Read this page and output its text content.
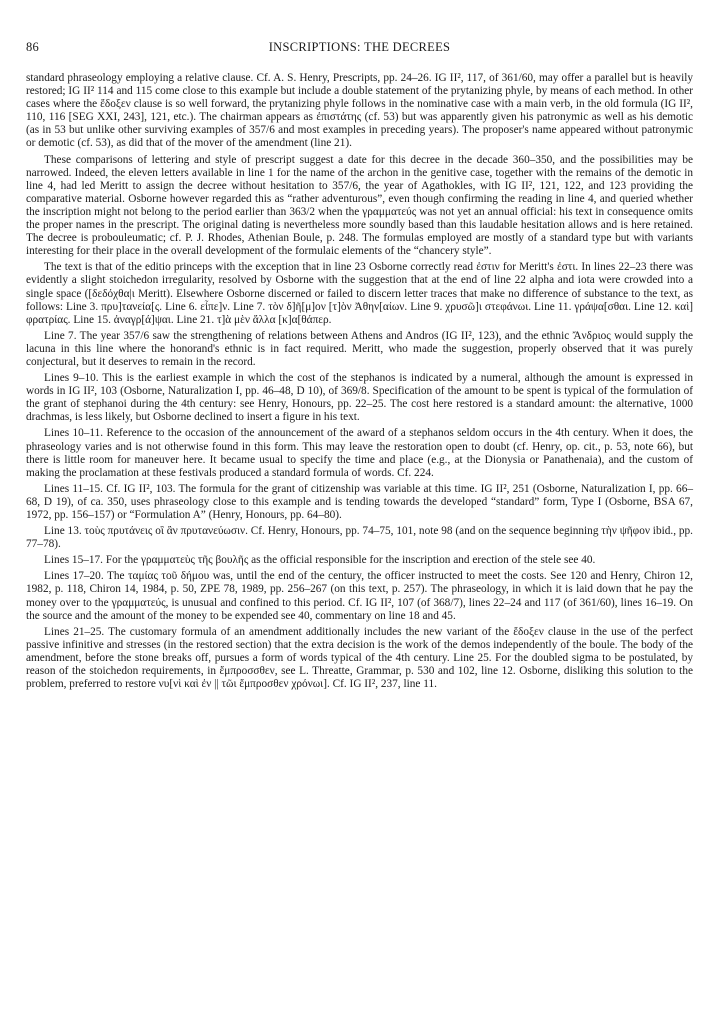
86	INSCRIPTIONS: THE DECREES

standard phraseology employing a relative clause. Cf. A. S. Henry, Prescripts, pp. 24–26. IG II², 117, of 361/60, may offer a parallel but is heavily restored; IG II² 114 and 115 come close to this example but include a double statement of the prytanizing phyle, by means of each method. In other cases where the ἔδοξεν clause is so well forward, the prytanizing phyle follows in the nominative case with a main verb, in the old formula (IG II², 110, 116 [SEG XXI, 243], 121, etc.). The chairman appears as ἐπιστάτης (cf. 53) but was apparently given his patronymic as well as his demotic (as in 53 but unlike other surviving examples of 357/6 and most examples in preceding years). The proposer's name appeared without patronymic or demotic (cf. 53), as did that of the mover of the amendment (line 21).

These comparisons of lettering and style of prescript suggest a date for this decree in the decade 360–350, and the possibilities may be narrowed. Indeed, the eleven letters available in line 1 for the name of the archon in the genitive case, together with the remains of the demotic in line 4, had led Meritt to assign the decree without hesitation to 357/6, the year of Agathokles, with IG II², 121, 122, and 123 providing the comparative material. Osborne however regarded this as “rather adventurous”, even though confirming the reading in line 4, and queried whether the inscription might not belong to the period earlier than 363/2 when the γραμματεύς was not yet an annual official: his text in consequence omits the proper names in the prescript. The original dating is nevertheless more soundly based than this laudable hesitation allows and is here retained. The decree is probouleumatic; cf. P. J. Rhodes, Athenian Boule, p. 248. The formulas employed are mostly of a standard type but with variants interesting for their place in the overall development of the formulaic elements of the “chancery style”.

The text is that of the editio princeps with the exception that in line 23 Osborne correctly read ἐστιν for Meritt's ἐστι. In lines 22–23 there was evidently a slight stoichedon irregularity, resolved by Osborne with the suggestion that at the end of line 22 alpha and iota were crowded into a single space ([δεδόχθα|ι Meritt). Elsewhere Osborne discerned or failed to discern letter traces that make no difference of substance to the text, as follows: Line 3. πρυ]τανεία[ς. Line 6. εἶπε]ν. Line 7. τὸν δ]ῆ[μ]ον [τ]ὸν Ἀθην[αίων. Line 9. χρυσῶ]ι στεφάνωι. Line 11. γράψα[σθαι. Line 12. καὶ] φρατρίας. Line 15. ἀναγρ[ά]ψαι. Line 21. τ]ὰ μὲν ἄλλα [κ]α[θάπερ.

Line 7. The year 357/6 saw the strengthening of relations between Athens and Andros (IG II², 123), and the ethnic Ἄνδριος would supply the lacuna in this line where the honorand's ethnic is in fact required. Meritt, who made the suggestion, properly observed that it was purely conjectural, but it deserves to remain in the record.

Lines 9–10. This is the earliest example in which the cost of the stephanos is indicated by a numeral, although the amount is expressed in words in IG II², 103 (Osborne, Naturalization I, pp. 46–48, D 10), of 369/8. Specification of the amount to be spent is typical of the formulation of the grant of stephanoi during the 4th century: see Henry, Honours, pp. 22–25. The cost here restored is a standard amount: the alternative, 1000 drachmas, is less likely, but Osborne declined to insert a figure in his text.

Lines 10–11. Reference to the occasion of the announcement of the award of a stephanos seldom occurs in the 4th century. When it does, the phraseology varies and is not otherwise found in this form. This may leave the restoration open to doubt (cf. Henry, op. cit., p. 53, note 66), but there is little room for maneuver here. It became usual to specify the time and place (e.g., at the Dionysia or Panathenaia), and the custom of making the proclamation at these festivals produced a standard formula of words. Cf. 224.

Lines 11–15. Cf. IG II², 103. The formula for the grant of citizenship was variable at this time. IG II², 251 (Osborne, Naturalization I, pp. 66–68, D 19), of ca. 350, uses phraseology close to this example and is tending towards the developed “standard” form, Type I (Osborne, BSA 67, 1972, pp. 156–157) or “Formulation A” (Henry, Honours, pp. 64–80).

Line 13. τοὺς πρυτάνεις οἳ ἂν πρυτανεύωσιν. Cf. Henry, Honours, pp. 74–75, 101, note 98 (and on the sequence beginning τὴν ψῆφον ibid., pp. 77–78).

Lines 15–17. For the γραμματεὺς τῆς βουλῆς as the official responsible for the inscription and erection of the stele see 40.

Lines 17–20. The ταμίας τοῦ δήμου was, until the end of the century, the officer instructed to meet the costs. See 120 and Henry, Chiron 12, 1982, p. 118, Chiron 14, 1984, p. 50, ZPE 78, 1989, pp. 256–267 (on this text, p. 257). The phraseology, in which it is laid down that he pay the money over to the γραμματεύς, is unusual and confined to this period. Cf. IG II², 107 (of 368/7), lines 22–24 and 117 (of 361/60), lines 16–19. On the source and the amount of the money to be expended see 40, commentary on line 18 and 45.

Lines 21–25. The customary formula of an amendment additionally includes the new variant of the ἔδοξεν clause in the use of the perfect passive infinitive and stresses (in the restored section) that the extra decision is the work of the demos independently of the boule. The body of the amendment, before the stone breaks off, pursues a form of words typical of the 4th century. Line 25. For the doubled sigma to be postulated, by reason of the stoichedon requirements, in ἔμπροσσθεν, see L. Threatte, Grammar, p. 530 and 102, line 12. Osborne, disliking this solution to the problem, preferred to restore νυ[νὶ καὶ ἐν || τῶι ἔμπροσθεν χρόνωι]. Cf. IG II², 237, line 11.
